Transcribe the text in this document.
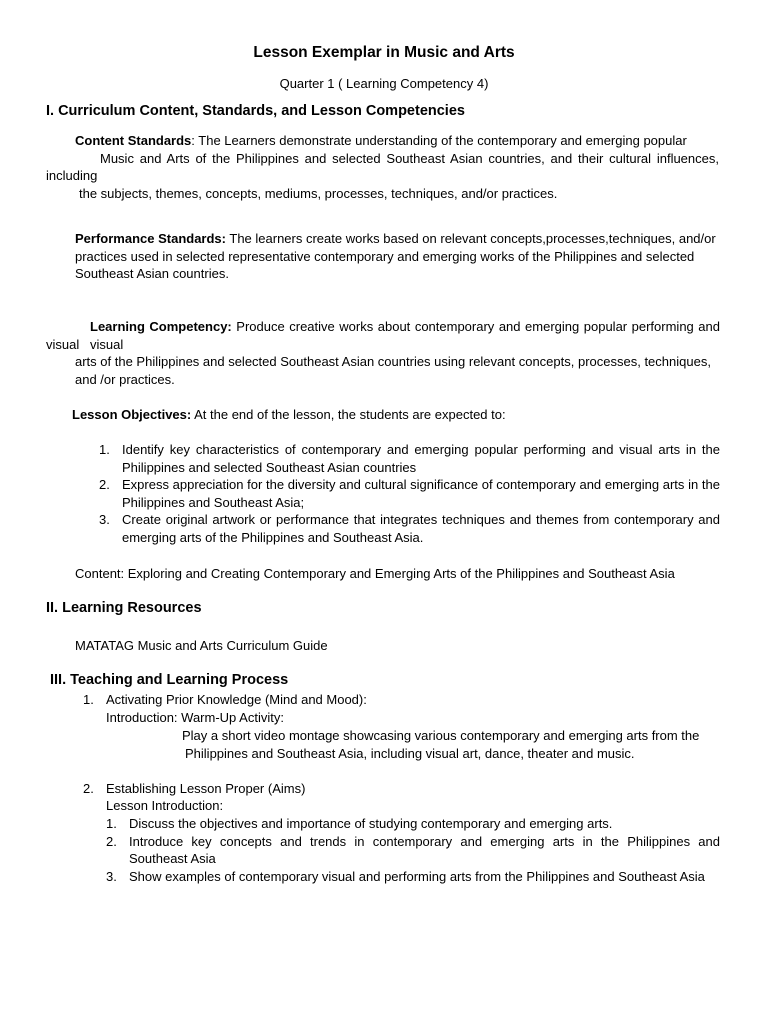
Lesson Exemplar in Music and Arts
Quarter 1 ( Learning Competency 4)
I. Curriculum Content, Standards, and Lesson Competencies
Content Standards: The Learners demonstrate understanding of the contemporary and emerging popular
Music and Arts of the Philippines and selected Southeast Asian countries, and their cultural influences,
including
the subjects, themes, concepts, mediums, processes, techniques, and/or practices.
Performance Standards: The learners create works based on relevant concepts,processes,techniques, and/or
practices used in selected representative contemporary and emerging works of the Philippines and selected
Southeast Asian countries.
Learning Competency: Produce creative works about contemporary and emerging popular performing and visual
visual
arts of the Philippines and selected Southeast Asian countries using relevant concepts, processes, techniques,
and /or practices.
Lesson Objectives: At the end of the lesson, the students are expected to:
1. Identify key characteristics of contemporary and emerging popular performing and visual arts in the
Philippines and selected Southeast Asian countries
2. Express appreciation for the diversity and cultural significance of contemporary and emerging arts in the
Philippines and Southeast Asia;
3. Create original artwork or performance that integrates techniques and themes from contemporary and
emerging arts of the Philippines and Southeast Asia.
Content: Exploring and Creating Contemporary and Emerging Arts of the Philippines and Southeast Asia
II. Learning Resources
MATATAG Music and Arts Curriculum Guide
III. Teaching and Learning Process
1. Activating Prior Knowledge (Mind and Mood):
Introduction: Warm-Up Activity:
Play a short video montage showcasing various contemporary and emerging arts from the
Philippines and Southeast Asia, including visual art, dance, theater and music.
2. Establishing Lesson Proper (Aims)
Lesson Introduction:
1. Discuss the objectives and importance of studying contemporary and emerging arts.
2. Introduce key concepts and trends in contemporary and emerging arts in the Philippines and
Southeast Asia
3. Show examples of contemporary visual and performing arts from the Philippines and Southeast Asia
